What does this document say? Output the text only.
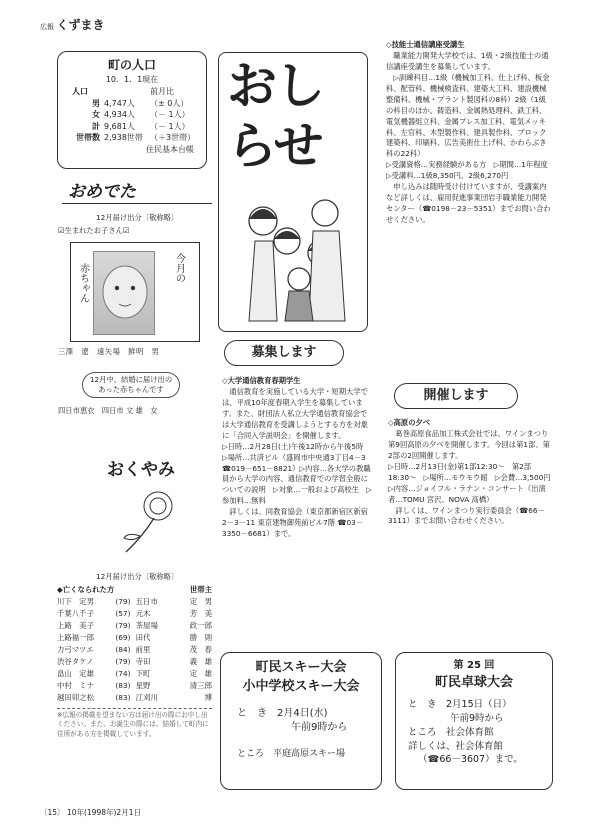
広報 くずまき
町の人口
10．1．1現在
人口	前月比
男	4,747人	（± 0人）
女	4,934人	（－ 1人）
計	9,681人	（－ 1人）
世帯数	2,938世帯	（＋3世帯）
住民基本台帳
おめでた
12月届け出分〔敬称略〕
☑生まれたお子さん☑
今月の
赤ちゃん
三澤　遼　遠矢場　鮮明　男
12月中、結婚に届け出のあった赤ちゃんです
四日市恵衣　四日市 文 雄　女
おくやみ
12月届け出分〔敬称略〕
◆亡くなられた方	世帯主
川下　定男	(79) 五日市	定　男
千葉八千子	(57) 元木	芳　美
上路　美子	(79) 茶屋場	政一郎
上路福一郎	(69) 田代	勝　則
力弓マツエ	(84) 前里	茂　春
渋谷タケノ	(79) 寺田	義　雄
畠山　定雄	(74) 下町	定　雄
中村　ミナ	(83) 星野	清三郎
越田卯之松	(83) 江刈川	博
※広報の掲載を望まない方は届け出の際にお申し出ください。また、お誕生の際には、結婚して町内に住所がある方を掲載しています。
おし
らせ
募集します
◇大学通信教育春期学生
通信教育を実施している大学・短期大学では、平成10年度春期入学生を募集しています。また、財団法人私立大学通信教育協会では大学通信教育を受講しようとする方を対象に「合同入学説明会」を開催します。
▷日時…2月28日(土)午後12時から午後5時　▷場所…共済ビル（盛岡市中央通3丁目4－3 ☎019－651－8821）▷内容…各大学の教職員から大学の内容、通信教育での学習全般についての説明　▷対象…一般および高校生　▷参加料…無料
詳しくは、同教育協会（東京都新宿区新宿2－3－11 東京建物御苑前ビル7階 ☎03－3350－6681）まで。
町民スキー大会
小中学校スキー大会
と　き　 2月4日(水)
午前9時から
ところ　平庭高原スキー場
◇技能士通信講座受講生
職業能力開発大学校では、1級・2級技能士の通信講座受講生を募集しています。
▷訓練科目…1級（機械加工科、仕上げ科、板金科、配管科、機械検査科、建築大工科、建設機械整備科、機械・プラント製図科の8科）2級（1級の科目のほか、鋳造科、金属熱処理科、鉄工科、電気機器組立科、金属プレス加工科、電気メッキ科、左官科、木型製作科、建具製作科、ブロック建築科、印刷科、広告美術仕上げ科、かわらぶき科の22科）
▷受講資格…実務経験がある方　▷期間…1年程度　▷受講料…1級8,350円、2級6,270円
申し込みは随時受け付けていますが、受講案内など詳しくは、雇用促進事業団岩手職業能力開発センター（☎0198－23－5351）までお問い合わせください。
開催します
◇高原の夕べ
葛巻高原食品加工株式会社では、ワインまつり第9回高原の夕べを開催します。今回は第1部、第2部の2回開催します。
▷日時…2月13日(金)第1部12:30～　第2部18:30～　▷場所…モウモウ館　▷会費…3,500円
▷内容…ジョイフル・ラテン・コンサート（出演者…TOMU 宮沢、NOVA 高橋）
詳しくは、ワインまつり実行委員会（☎66－3111）までお問い合わせください。
第 25 回
町民卓球大会
と　き　2月15日（日）
午前9時から
ところ　社会体育館
詳しくは、社会体育館
（☎66－3607）まで。
〔15〕 10年(1998年)2月1日
